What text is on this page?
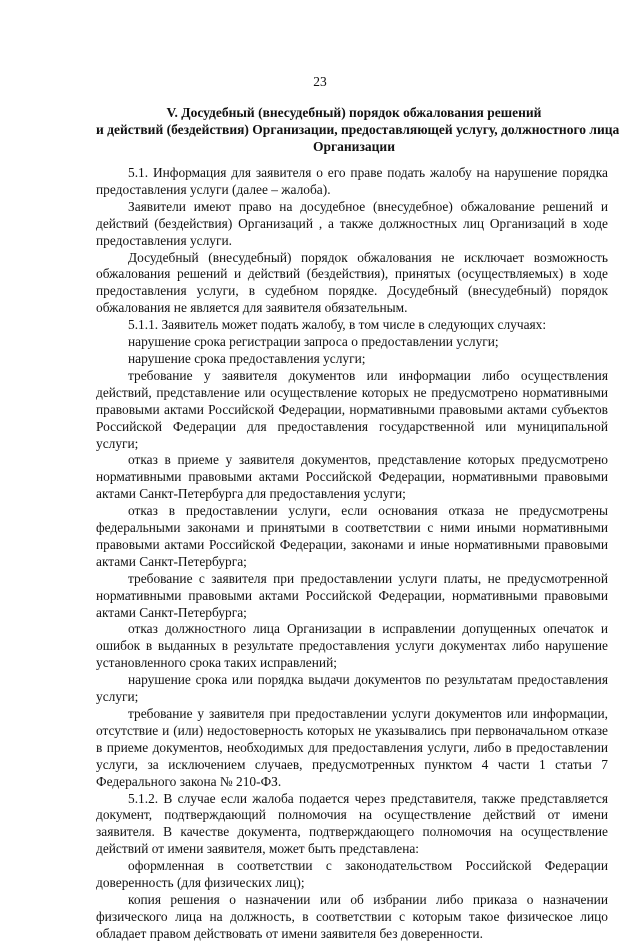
23
V. Досудебный (внесудебный) порядок обжалования решений
и действий (бездействия) Организации, предоставляющей услугу, должностного лица
Организации

5.1. Информация для заявителя о его праве подать жалобу на нарушение порядка предоставления услуги (далее – жалоба).

Заявители имеют право на досудебное (внесудебное) обжалование решений и действий (бездействия) Организаций , а также должностных лиц Организаций в ходе предоставления услуги.

Досудебный (внесудебный) порядок обжалования не исключает возможность обжалования решений и действий (бездействия), принятых (осуществляемых) в ходе предоставления услуги, в судебном порядке. Досудебный (внесудебный) порядок обжалования не является для заявителя обязательным.

5.1.1. Заявитель может подать жалобу, в том числе в следующих случаях:

нарушение срока регистрации запроса о предоставлении услуги;

нарушение срока предоставления услуги;

требование у заявителя документов или информации либо осуществления действий, представление или осуществление которых не предусмотрено нормативными правовыми актами Российской Федерации, нормативными правовыми актами субъектов Российской Федерации для предоставления государственной или муниципальной услуги;

отказ в приеме у заявителя документов, представление которых предусмотрено нормативными правовыми актами Российской Федерации, нормативными правовыми актами Санкт-Петербурга для предоставления услуги;

отказ в предоставлении услуги, если основания отказа не предусмотрены федеральными законами и принятыми в соответствии с ними иными нормативными правовыми актами Российской Федерации, законами и иные нормативными правовыми актами Санкт-Петербурга;

требование с заявителя при предоставлении услуги платы, не предусмотренной нормативными правовыми актами Российской Федерации, нормативными правовыми актами Санкт-Петербурга;

отказ должностного лица Организации в исправлении допущенных опечаток и ошибок в выданных в результате предоставления услуги документах либо нарушение установленного срока таких исправлений;

нарушение срока или порядка выдачи документов по результатам предоставления услуги;

требование у заявителя при предоставлении услуги документов или информации, отсутствие и (или) недостоверность которых не указывались при первоначальном отказе в приеме документов, необходимых для предоставления услуги, либо в предоставлении услуги, за исключением случаев, предусмотренных пунктом 4 части 1 статьи 7 Федерального закона № 210-ФЗ.

5.1.2. В случае если жалоба подается через представителя, также представляется документ, подтверждающий полномочия на осуществление действий от имени заявителя. В качестве документа, подтверждающего полномочия на осуществление действий от имени заявителя, может быть представлена:

оформленная в соответствии с законодательством Российской Федерации доверенность (для физических лиц);

копия решения о назначении или об избрании либо приказа о назначении физического лица на должность, в соответствии с которым такое физическое лицо обладает правом действовать от имени заявителя без доверенности.
